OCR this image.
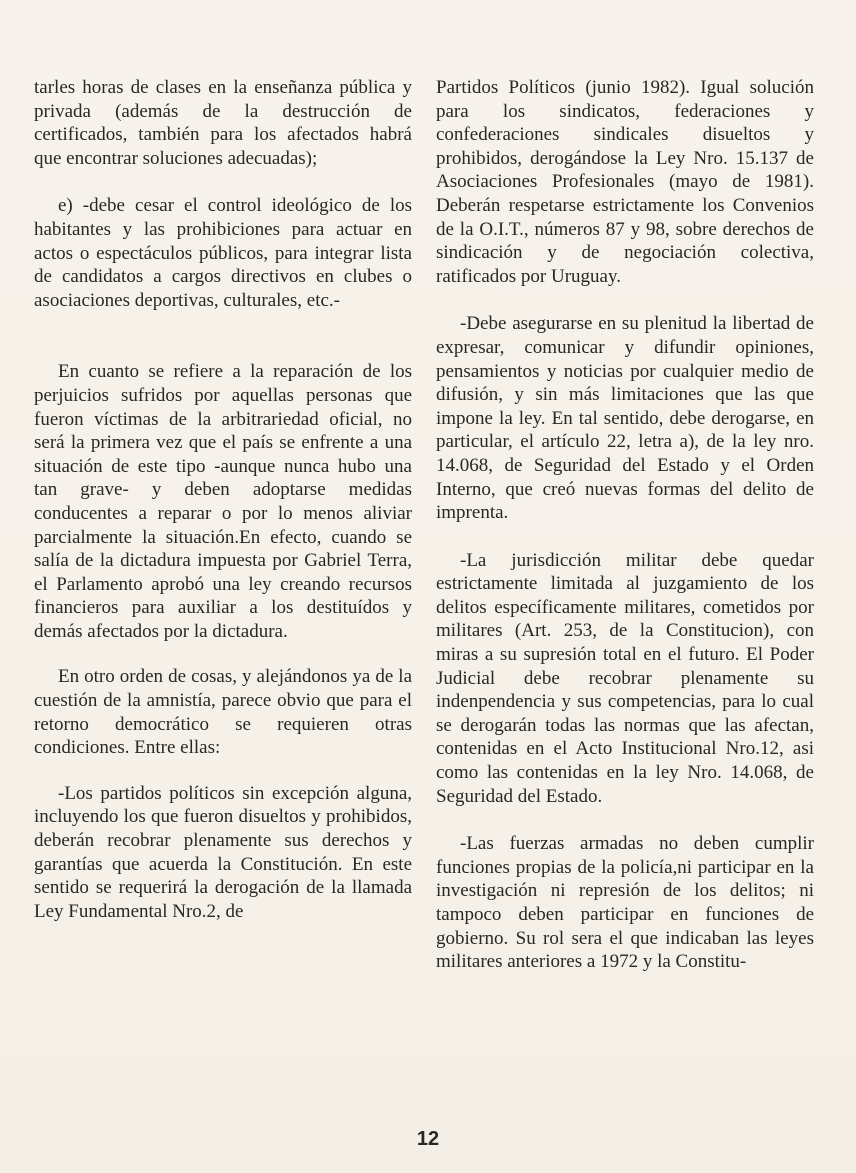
tarles horas de clases en la enseñanza pública y privada (además de la destrucción de certificados, también para los afectados habrá que encontrar soluciones adecuadas);

e) -debe cesar el control ideológico de los habitantes y las prohibiciones para actuar en actos o espectáculos públicos, para integrar lista de candidatos a cargos directivos en clubes o asociaciones deportivas, culturales, etc.-

En cuanto se refiere a la reparación de los perjuicios sufridos por aquellas personas que fueron víctimas de la arbitrariedad oficial, no será la primera vez que el país se enfrente a una situación de este tipo -aunque nunca hubo una tan grave- y deben adoptarse medidas conducentes a reparar o por lo menos aliviar parcialmente la situación.En efecto, cuando se salía de la dictadura impuesta por Gabriel Terra, el Parlamento aprobó una ley creando recursos financieros para auxiliar a los destituídos y demás afectados por la dictadura.

En otro orden de cosas, y alejándonos ya de la cuestión de la amnistía, parece obvio que para el retorno democrático se requieren otras condiciones. Entre ellas:

-Los partidos políticos sin excepción alguna, incluyendo los que fueron disueltos y prohibidos, deberán recobrar plenamente sus derechos y garantías que acuerda la Constitución. En este sentido se requerirá la derogación de la llamada Ley Fundamental Nro.2, de

Partidos Políticos (junio 1982). Igual solución para los sindicatos, federaciones y confederaciones sindicales disueltos y prohibidos, derogándose la Ley Nro. 15.137 de Asociaciones Profesionales (mayo de 1981). Deberán respetarse estrictamente los Convenios de la O.I.T., números 87 y 98, sobre derechos de sindicación y de negociación colectiva, ratificados por Uruguay.

-Debe asegurarse en su plenitud la libertad de expresar, comunicar y difundir opiniones, pensamientos y noticias por cualquier medio de difusión, y sin más limitaciones que las que impone la ley. En tal sentido, debe derogarse, en particular, el artículo 22, letra a), de la ley nro. 14.068, de Seguridad del Estado y el Orden Interno, que creó nuevas formas del delito de imprenta.

-La jurisdicción militar debe quedar estrictamente limitada al juzgamiento de los delitos específicamente militares, cometidos por militares (Art. 253, de la Constitucion), con miras a su supresión total en el futuro. El Poder Judicial debe recobrar plenamente su indenpendencia y sus competencias, para lo cual se derogarán todas las normas que las afectan, contenidas en el Acto Institucional Nro.12, asi como las contenidas en la ley Nro. 14.068, de Seguridad del Estado.

-Las fuerzas armadas no deben cumplir funciones propias de la policía,ni participar en la investigación ni represión de los delitos; ni tampoco deben participar en funciones de gobierno. Su rol sera el que indicaban las leyes militares anteriores a 1972 y la Constitu-

12
